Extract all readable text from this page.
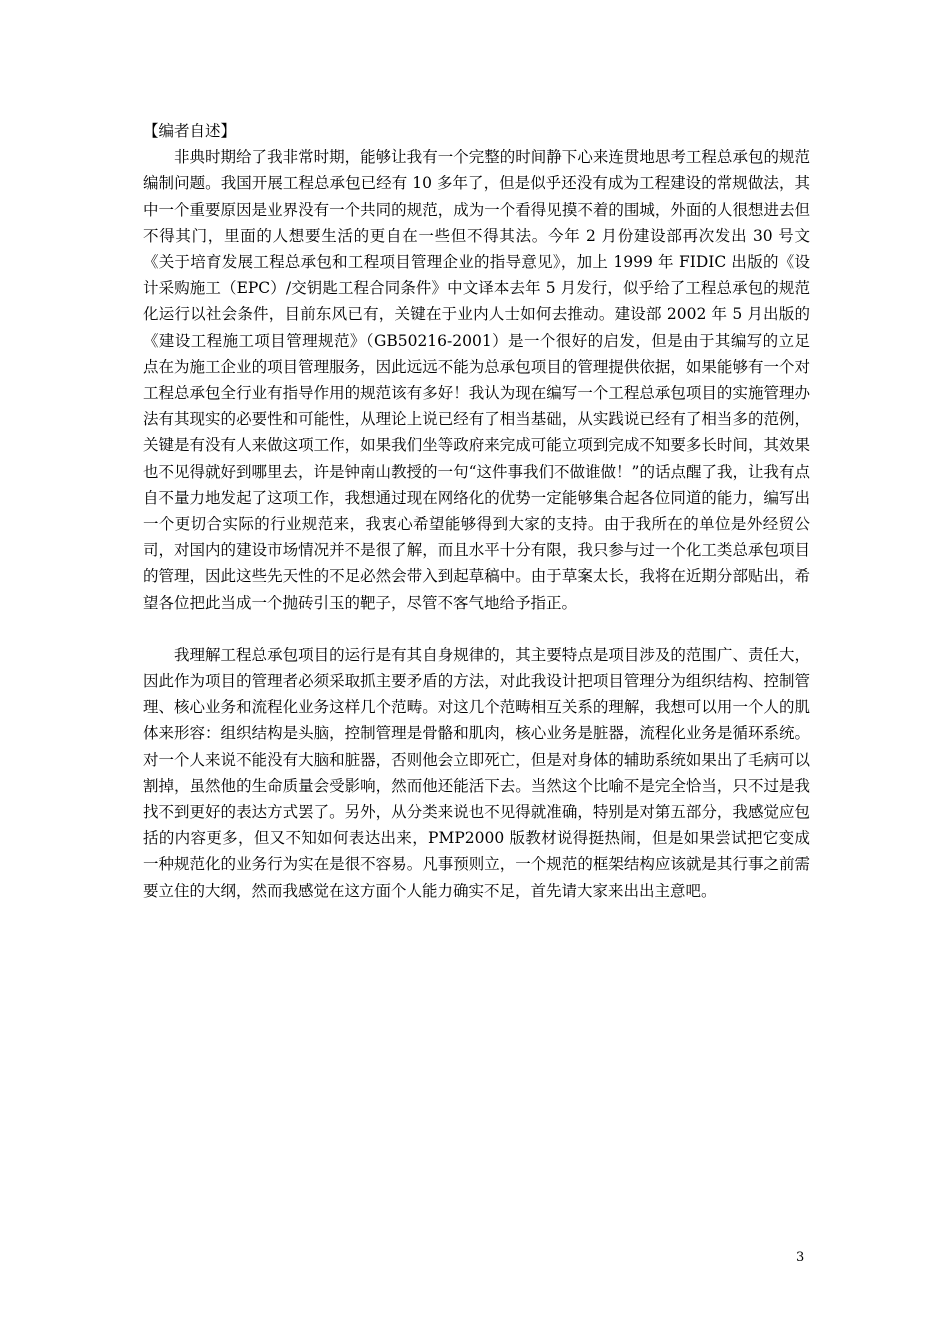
【编者自述】

非典时期给了我非常时期，能够让我有一个完整的时间静下心来连贯地思考工程总承包的规范编制问题。我国开展工程总承包已经有 10 多年了，但是似乎还没有成为工程建设的常规做法，其中一个重要原因是业界没有一个共同的规范，成为一个看得见摸不着的围城，外面的人很想进去但不得其门，里面的人想要生活的更自在一些但不得其法。今年 2 月份建设部再次发出 30 号文《关于培育发展工程总承包和工程项目管理企业的指导意见》，加上 1999 年 FIDIC 出版的《设计采购施工（EPC）/交钥匙工程合同条件》中文译本去年 5 月发行，似乎给了工程总承包的规范化运行以社会条件，目前东风已有，关键在于业内人士如何去推动。建设部 2002 年 5 月出版的《建设工程施工项目管理规范》（GB50216-2001）是一个很好的启发，但是由于其编写的立足点在为施工企业的项目管理服务，因此远远不能为总承包项目的管理提供依据，如果能够有一个对工程总承包全行业有指导作用的规范该有多好！我认为现在编写一个工程总承包项目的实施管理办法有其现实的必要性和可能性，从理论上说已经有了相当基础，从实践说已经有了相当多的范例，关键是有没有人来做这项工作，如果我们坐等政府来完成可能立项到完成不知要多长时间，其效果也不见得就好到哪里去，许是钟南山教授的一句“这件事我们不做谁做！”的话点醒了我，让我有点自不量力地发起了这项工作，我想通过现在网络化的优势一定能够集合起各位同道的能力，编写出一个更切合实际的行业规范来，我衷心希望能够得到大家的支持。由于我所在的单位是外经贸公司，对国内的建设市场情况并不是很了解，而且水平十分有限，我只参与过一个化工类总承包项目的管理，因此这些先天性的不足必然会带入到起草稿中。由于草案太长，我将在近期分部贴出，希望各位把此当成一个抛砖引玉的靶子，尽管不客气地给予指正。

我理解工程总承包项目的运行是有其自身规律的，其主要特点是项目涉及的范围广、责任大，因此作为项目的管理者必须采取抓主要矛盾的方法，对此我设计把项目管理分为组织结构、控制管理、核心业务和流程化业务这样几个范畴。对这几个范畴相互关系的理解，我想可以用一个人的肌体来形容：组织结构是头脑，控制管理是骨骼和肌肉，核心业务是脏器，流程化业务是循环系统。对一个人来说不能没有大脑和脏器，否则他会立即死亡，但是对身体的辅助系统如果出了毛病可以割掉，虽然他的生命质量会受影响，然而他还能活下去。当然这个比喻不是完全恰当，只不过是我找不到更好的表达方式罢了。另外，从分类来说也不见得就准确，特别是对第五部分，我感觉应包括的内容更多，但又不知如何表达出来，PMP2000 版教材说得挺热闹，但是如果尝试把它变成一种规范化的业务行为实在是很不容易。凡事预则立，一个规范的框架结构应该就是其行事之前需要立住的大纲，然而我感觉在这方面个人能力确实不足，首先请大家来出出主意吧。

3
